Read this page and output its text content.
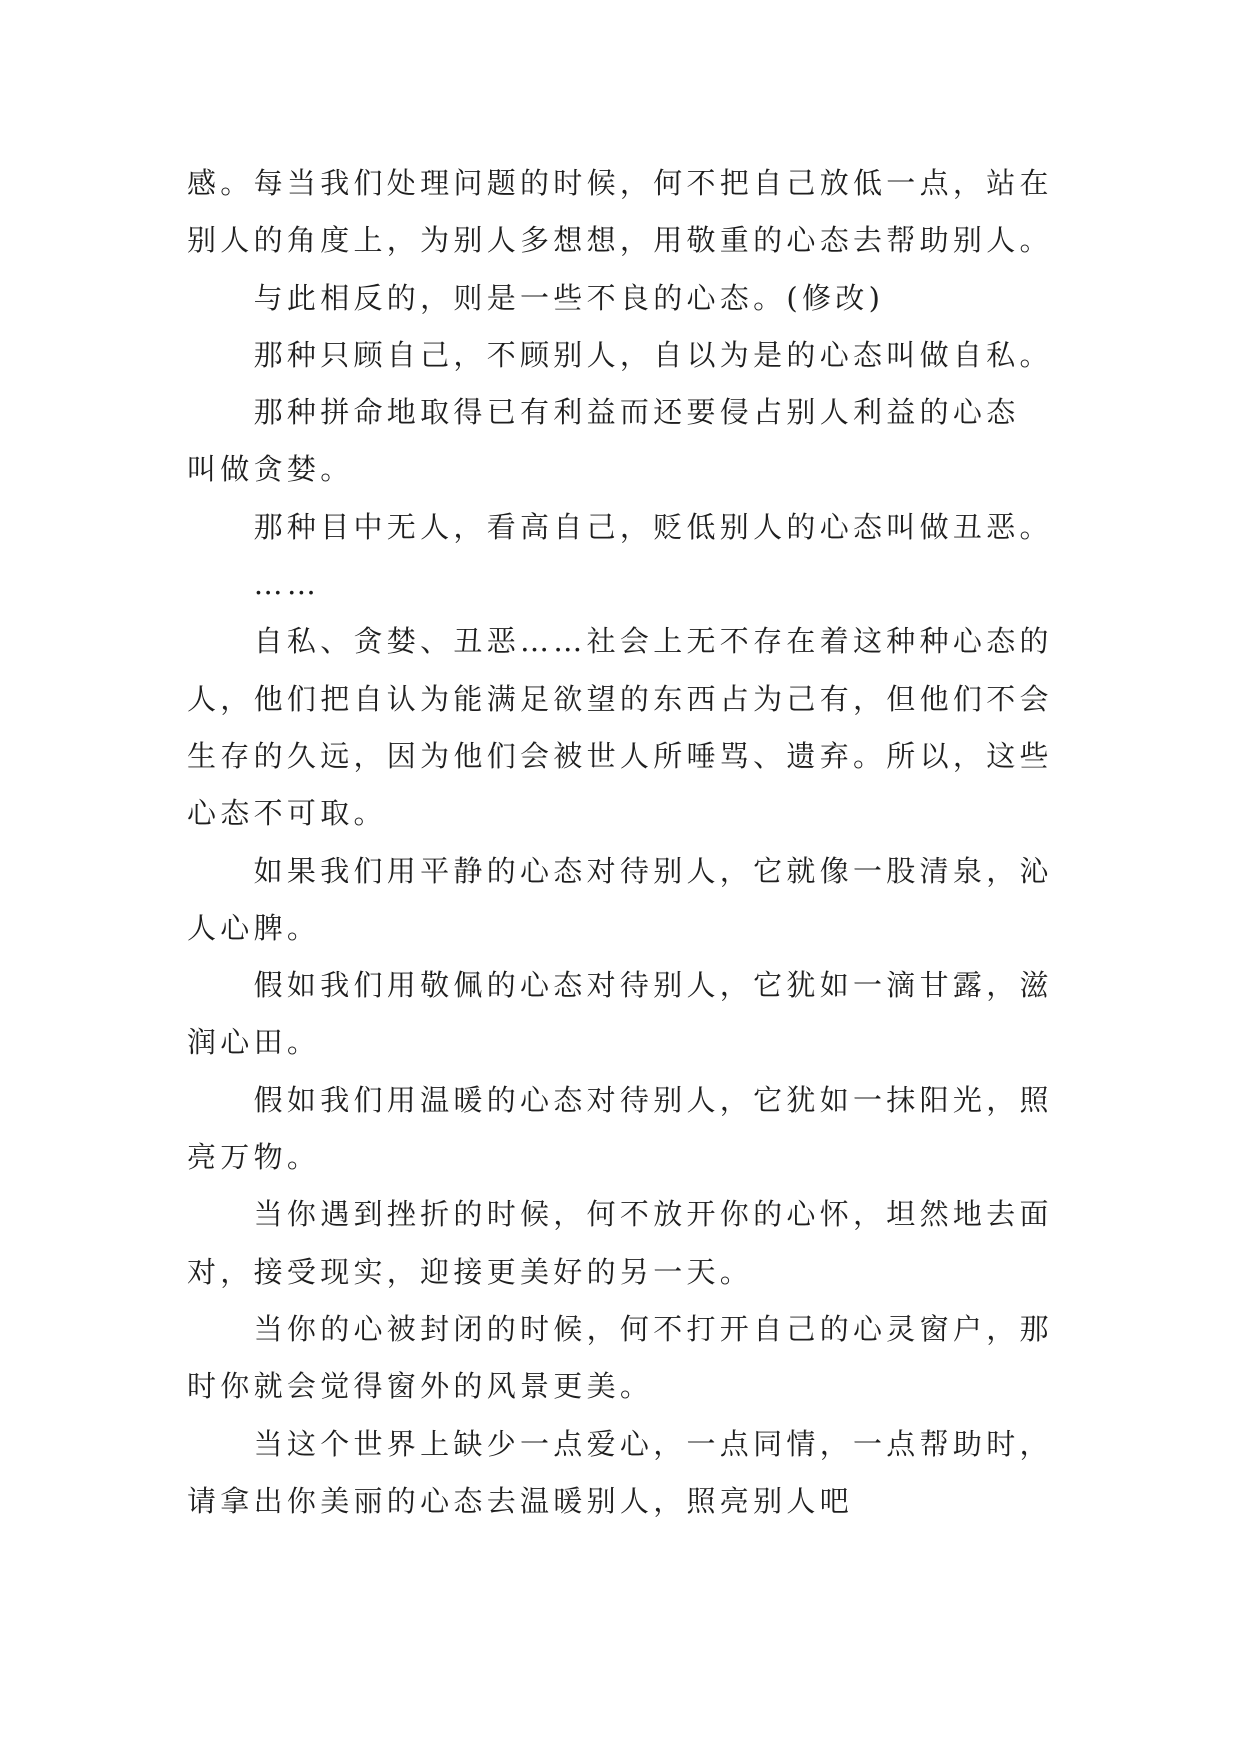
感。每当我们处理问题的时候，何不把自己放低一点，站在
别人的角度上，为别人多想想，用敬重的心态去帮助别人。
与此相反的，则是一些不良的心态。(修改)
那种只顾自己，不顾别人，自以为是的心态叫做自私。
那种拼命地取得已有利益而还要侵占别人利益的心态
叫做贪婪。
那种目中无人，看高自己，贬低别人的心态叫做丑恶。
……
自私、贪婪、丑恶……社会上无不存在着这种种心态的
人，他们把自认为能满足欲望的东西占为己有，但他们不会
生存的久远，因为他们会被世人所唾骂、遗弃。所以，这些
心态不可取。
如果我们用平静的心态对待别人，它就像一股清泉，沁
人心脾。
假如我们用敬佩的心态对待别人，它犹如一滴甘露，滋
润心田。
假如我们用温暖的心态对待别人，它犹如一抹阳光，照
亮万物。
当你遇到挫折的时候，何不放开你的心怀，坦然地去面
对，接受现实，迎接更美好的另一天。
当你的心被封闭的时候，何不打开自己的心灵窗户，那
时你就会觉得窗外的风景更美。
当这个世界上缺少一点爱心，一点同情，一点帮助时，
请拿出你美丽的心态去温暖别人，照亮别人吧
